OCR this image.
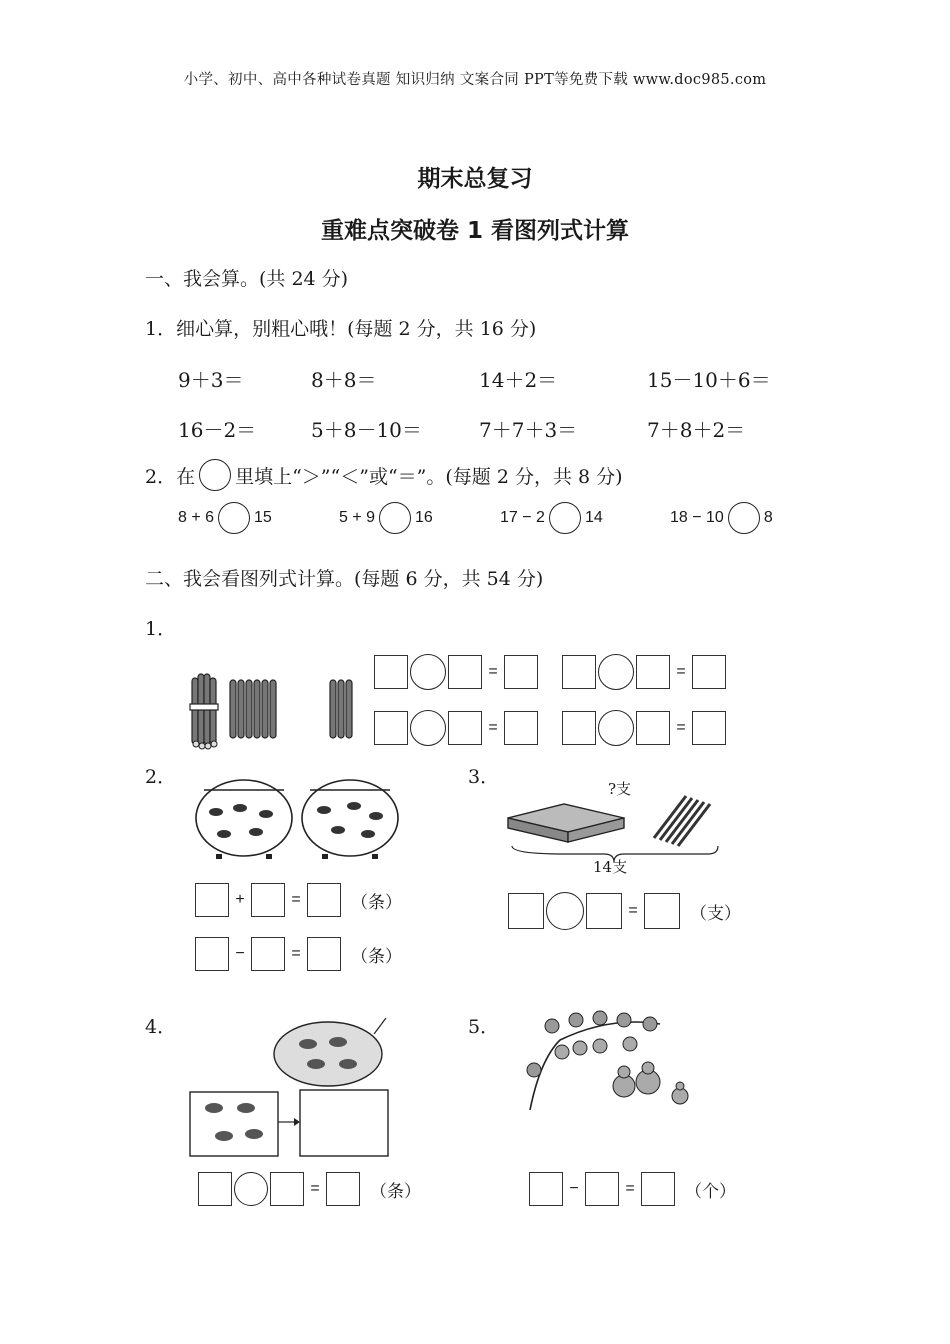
小学、初中、高中各种试卷真题 知识归纳 文案合同 PPT等免费下载 www.doc985.com
期末总复习
重难点突破卷 1 看图列式计算
一、我会算。(共 24 分)
1．细心算，别粗心哦！(每题 2 分，共 16 分)
9＋3＝	8＋8＝	14＋2＝	15－10＋6＝
16－2＝	5＋8－10＝	7＋7＋3＝	7＋8＋2＝
2．在 里填上“＞”“＜”或“＝”。(每题 2 分，共 8 分)
8 + 6	15	5 + 9	16	17 − 2	14	18 − 10	8
二、我会看图列式计算。(每题 6 分，共 54 分)
1．
=	=
=	=
2．
+	=	（条）
−	=	（条）
3．
?支
14支
=	（支）
4．
=	（条）
5．
−	=	（个）
